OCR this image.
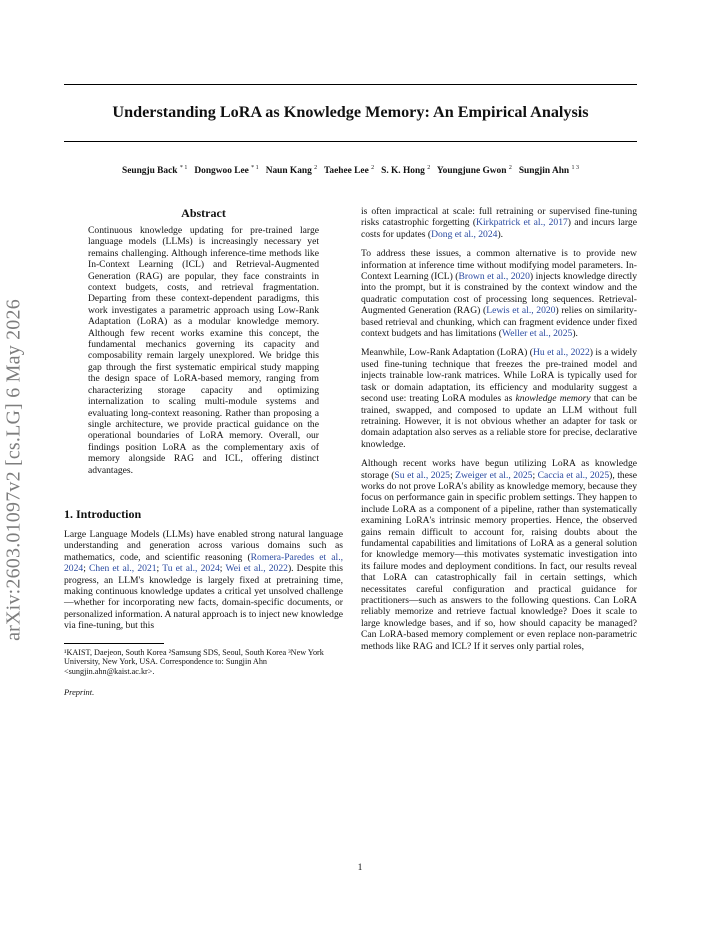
Understanding LoRA as Knowledge Memory: An Empirical Analysis
Seungju Back $^{* 1}$ Dongwoo Lee $^{* 1}$ Naun Kang $^2$ Taehee Lee $^2$ S. K. Hong $^2$ Youngjune Gwon $^2$ Sungjin Ahn $^{1 3}$
arXiv:2603.01097v2 [cs.LG] 6 May 2026
Abstract

Continuous knowledge updating for pre-trained large language models (LLMs) is increasingly necessary yet remains challenging. Although inference-time methods like In-Context Learning (ICL) and Retrieval-Augmented Generation (RAG) are popular, they face constraints in context budgets, costs, and retrieval fragmentation. Departing from these context-dependent paradigms, this work investigates a parametric approach using Low-Rank Adaptation (LoRA) as a modular knowledge memory. Although few recent works examine this concept, the fundamental mechanics governing its capacity and composability remain largely unexplored. We bridge this gap through the first systematic empirical study mapping the design space of LoRA-based memory, ranging from characterizing storage capacity and optimizing internalization to scaling multi-module systems and evaluating long-context reasoning. Rather than proposing a single architecture, we provide practical guidance on the operational boundaries of LoRA memory. Overall, our findings position LoRA as the complementary axis of memory alongside RAG and ICL, offering distinct advantages.

1. Introduction

Large Language Models (LLMs) have enabled strong natural language understanding and generation across various domains such as mathematics, code, and scientific reasoning (Romera-Paredes et al., 2024; Chen et al., 2021; Tu et al., 2024; Wei et al., 2022). Despite this progress, an LLM's knowledge is largely fixed at pretraining time, making continuous knowledge updates a critical yet unsolved challenge—whether for incorporating new facts, domain-specific documents, or personalized information. A natural approach is to inject new knowledge via fine-tuning, but this

¹KAIST, Daejeon, South Korea ²Samsung SDS, Seoul, South Korea ³New York University, New York, USA. Correspondence to: Sungjin Ahn <sungjin.ahn@kaist.ac.kr>.

Preprint.

is often impractical at scale: full retraining or supervised fine-tuning risks catastrophic forgetting (Kirkpatrick et al., 2017) and incurs large costs for updates (Dong et al., 2024).

To address these issues, a common alternative is to provide new information at inference time without modifying model parameters. In-Context Learning (ICL) (Brown et al., 2020) injects knowledge directly into the prompt, but it is constrained by the context window and the quadratic computation cost of processing long sequences. Retrieval-Augmented Generation (RAG) (Lewis et al., 2020) relies on similarity-based retrieval and chunking, which can fragment evidence under fixed context budgets and has limitations (Weller et al., 2025).

Meanwhile, Low-Rank Adaptation (LoRA) (Hu et al., 2022) is a widely used fine-tuning technique that freezes the pre-trained model and injects trainable low-rank matrices. While LoRA is typically used for task or domain adaptation, its efficiency and modularity suggest a second use: treating LoRA modules as knowledge memory that can be trained, swapped, and composed to update an LLM without full retraining. However, it is not obvious whether an adapter for task or domain adaptation also serves as a reliable store for precise, declarative knowledge.

Although recent works have begun utilizing LoRA as knowledge storage (Su et al., 2025; Zweiger et al., 2025; Caccia et al., 2025), these works do not prove LoRA's ability as knowledge memory, because they focus on performance gain in specific problem settings. They happen to include LoRA as a component of a pipeline, rather than systematically examining LoRA's intrinsic memory properties. Hence, the observed gains remain difficult to account for, raising doubts about the fundamental capabilities and limitations of LoRA as a general solution for knowledge memory—this motivates systematic investigation into its failure modes and deployment conditions. In fact, our results reveal that LoRA can catastrophically fail in certain settings, which necessitates careful configuration and practical guidance for practitioners—such as answers to the following questions. Can LoRA reliably memorize and retrieve factual knowledge? Does it scale to large knowledge bases, and if so, how should capacity be managed? Can LoRA-based memory complement or even replace non-parametric methods like RAG and ICL? If it serves only partial roles,

1
